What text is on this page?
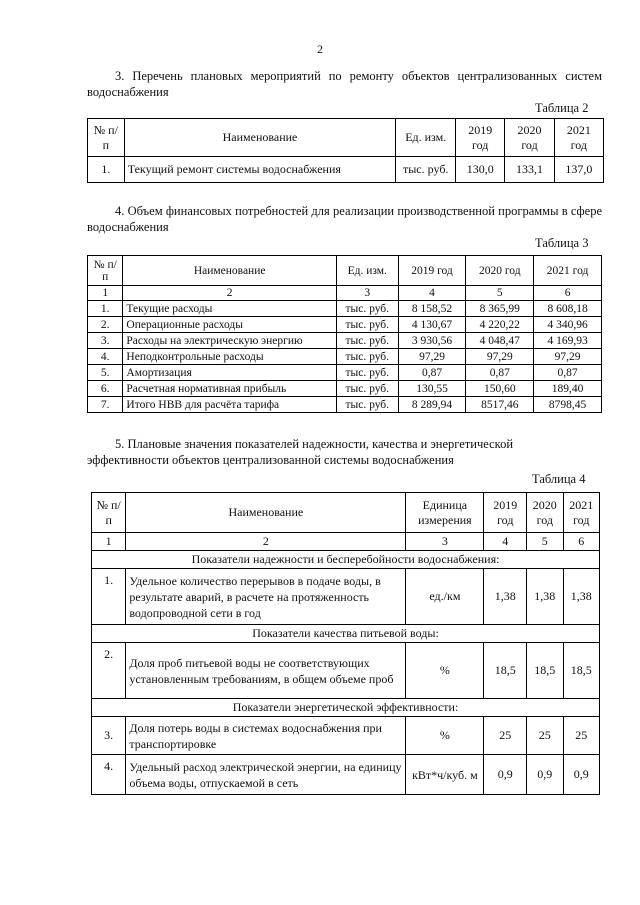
2
3. Перечень плановых мероприятий по ремонту объектов централизованных систем водоснабжения
Таблица 2
№ п/п	Наименование	Ед. изм.	2019 год	2020 год	2021 год
1.	Текущий ремонт системы водоснабжения	тыс. руб.	130,0	133,1	137,0
4. Объем финансовых потребностей для реализации производственной программы в сфере водоснабжения
Таблица 3
№ п/п	Наименование	Ед. изм.	2019 год	2020 год	2021 год
1	2	3	4	5	6
1.	Текущие расходы	тыс. руб.	8 158,52	8 365,99	8 608,18
2.	Операционные расходы	тыс. руб.	4 130,67	4 220,22	4 340,96
3.	Расходы на электрическую энергию	тыс. руб.	3 930,56	4 048,47	4 169,93
4.	Неподконтрольные расходы	тыс. руб.	97,29	97,29	97,29
5.	Амортизация	тыс. руб.	0,87	0,87	0,87
6.	Расчетная нормативная прибыль	тыс. руб.	130,55	150,60	189,40
7.	Итого НВВ для расчёта тарифа	тыс. руб.	8 289,94	8517,46	8798,45
5. Плановые значения показателей надежности, качества и энергетической
эффективности объектов централизованной системы водоснабжения
Таблица 4
№ п/п	Наименование	Единица измерения	2019 год	2020 год	2021 год
1	2	3	4	5	6
Показатели надежности и бесперебойности водоснабжения:					
1.	Удельное количество перерывов в подаче воды, в результате аварий, в расчете на протяженность водопроводной сети в год	ед./км	1,38	1,38	1,38
Показатели качества питьевой воды:					
2.	Доля проб питьевой воды не соответствующих установленным требованиям, в общем объеме проб	%	18,5	18,5	18,5
Показатели энергетической эффективности:					
3.	Доля потерь воды в системах водоснабжения при транспортировке	%	25	25	25
4.	Удельный расход электрической энергии, на единицу объема воды, отпускаемой в сеть	кВт*ч/куб. м	0,9	0,9	0,9
